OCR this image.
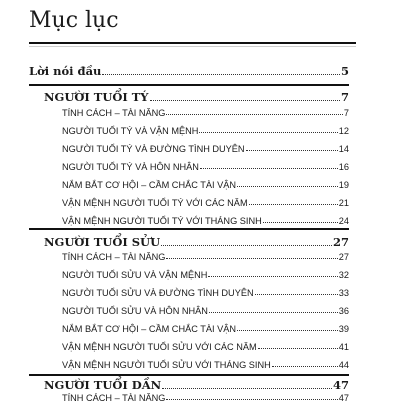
Mục lục
Lời nói đầu	5
NGƯỜI TUỔI TÝ	7
TÍNH CÁCH – TÀI NĂNG	7
NGƯỜI TUỔI TÝ VÀ VẬN MỆNH	12
NGƯỜI TUỔI TÝ VÀ ĐƯỜNG TÌNH DUYÊN	14
NGƯỜI TUỔI TÝ VÀ HÔN NHÂN	16
NẮM BẮT CƠ HỘI – CẦM CHẮC TÀI VẬN	19
VẬN MỆNH NGƯỜI TUỔI TÝ VỚI CÁC NĂM	21
VẬN MỆNH NGƯỜI TUỔI TÝ VỚI THÁNG SINH	24
NGƯỜI TUỔI SỬU	27
TÍNH CÁCH – TÀI NĂNG	27
NGƯỜI TUỔI SỬU VÀ VẬN MỆNH	32
NGƯỜI TUỔI SỬU VÀ ĐƯỜNG TÌNH DUYÊN	33
NGƯỜI TUỔI SỬU VÀ HÔN NHÂN	36
NẮM BẮT CƠ HỘI – CẦM CHẮC TÀI VẬN	39
VẬN MỆNH NGƯỜI TUỔI SỬU VỚI CÁC NĂM	41
VẬN MỆNH NGƯỜI TUỔI SỬU VỚI THÁNG SINH	44
NGƯỜI TUỔI DẦN	47
TÍNH CÁCH – TÀI NĂNG	47
